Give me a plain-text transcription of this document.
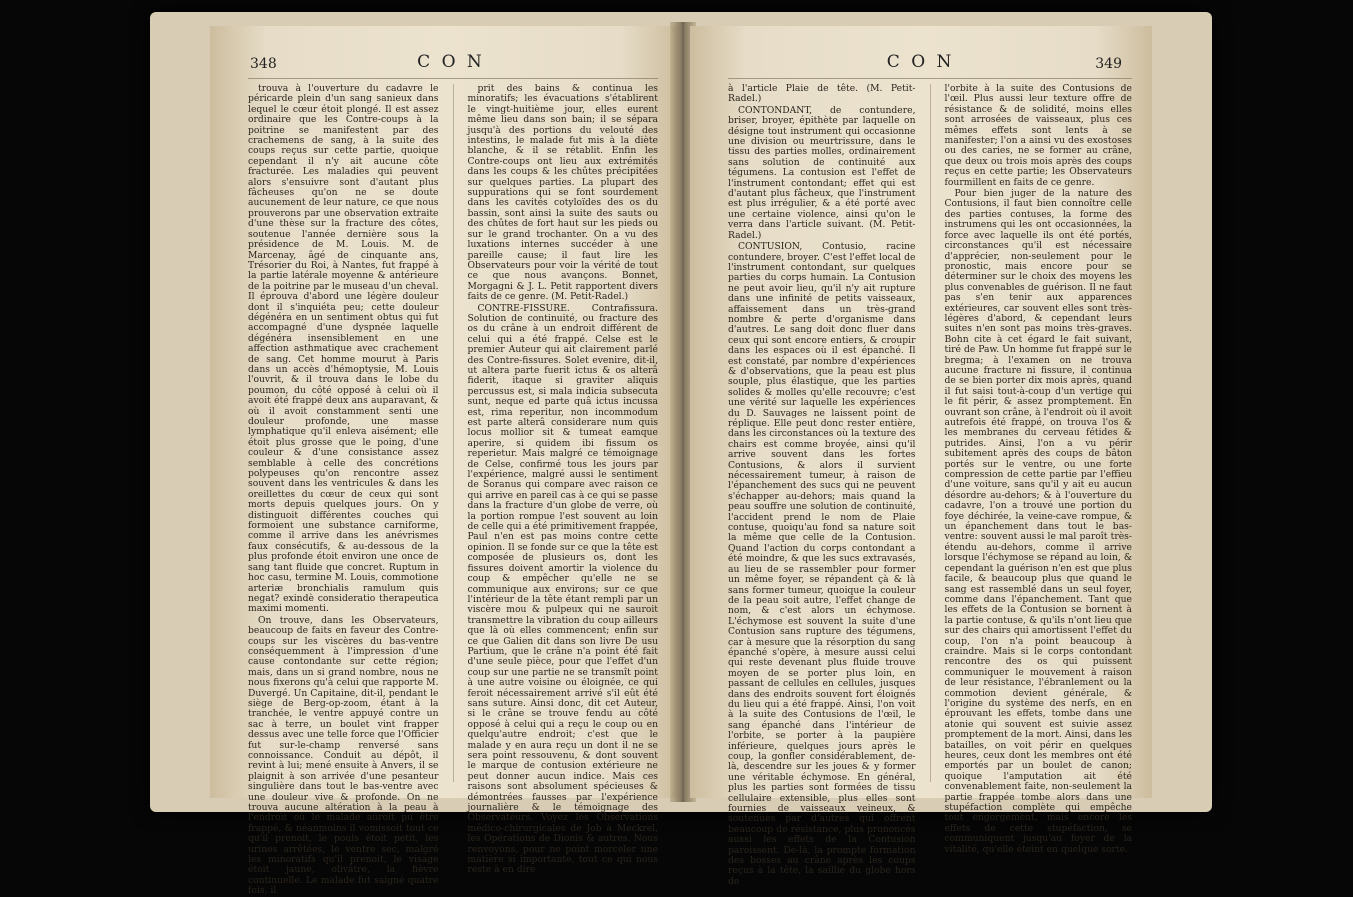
348	C O N

trouva à l'ouverture du cadavre le péricarde plein d'un sang sanieux dans lequel le cœur étoit plongé. Il est assez ordinaire que les Contre-coups à la poitrine se manifestent par des crachemens de sang, à la suite des coups reçus sur cette partie, quoique cependant il n'y ait aucune côte fracturée. Les maladies qui peuvent alors s'ensuivre sont d'autant plus fâcheuses qu'on ne se doute aucunement de leur nature, ce que nous prouverons par une observation extraite d'une thèse sur la fracture des côtes, soutenue l'année dernière sous la présidence de M. Louis. M. de Marcenay, âgé de cinquante ans, Trésorier du Roi, à Nantes, fut frappé à la partie latérale moyenne & antérieure de la poitrine par le museau d'un cheval. Il éprouva d'abord une légère douleur dont il s'inquiéta peu; cette douleur dégénéra en un sentiment obtus qui fut accompagné d'une dyspnée laquelle dégénéra insensiblement en une affection asthmatique avec crachement de sang. Cet homme mourut à Paris dans un accès d'hémoptysie, M. Louis l'ouvrit, & il trouva dans le lobe du poumon, du côté opposé à celui où il avoit été frappé deux ans auparavant, & où il avoit constamment senti une douleur profonde, une masse lymphatique qu'il enleva aisément; elle étoit plus grosse que le poing, d'une couleur & d'une consistance assez semblable à celle des concrétions polypeuses qu'on rencontre assez souvent dans les ventricules & dans les oreillettes du cœur de ceux qui sont morts depuis quelques jours. On y distinguoit différentes couches qui formoient une substance carniforme, comme il arrive dans les anévrismes faux consécutifs, & au-dessous de la plus profonde étoit environ une once de sang tant fluide que concret. Ruptum in hoc casu, termine M. Louis, commotione arteriæ bronchialis ramulum quis negat? exindè consideratio therapeutica maximi momenti.

On trouve, dans les Observateurs, beaucoup de faits en faveur des Contre-coups sur les viscères du bas-ventre conséquemment à l'impression d'une cause contondante sur cette région; mais, dans un si grand nombre, nous ne nous fixerons qu'à celui que rapporte M. Duvergé. Un Capitaine, dit-il, pendant le siège de Berg-op-zoom, étant à la tranchée, le ventre appuyé contre un sac à terre, un boulet vint frapper dessus avec une telle force que l'Officier fut sur-le-champ renversé sans connoissance. Conduit au dépôt, il revint à lui; mené ensuite à Anvers, il se plaignit à son arrivée d'une pesanteur singulière dans tout le bas-ventre avec une douleur vive & profonde. On ne trouva aucune altération à la peau à l'endroit où le malade auroit pu être frappé, & néanmoins il vomissoit tout ce qu'il prenoit, le pouls étoit petit, les urines arrêtées, le ventre sec, malgré les minoratifs qu'il prenoit, le visage étoit jaune, olivâtre, la fièvre continuelle. Le malade fut saigné quatre fois, il

prit des bains & continua les minoratifs; les évacuations s'établirent le vingt-huitième jour, elles eurent même lieu dans son bain; il se sépara jusqu'à des portions du velouté des intestins, le malade fut mis à la diète blanche, & il se rétablit. Enfin les Contre-coups ont lieu aux extrémités dans les coups & les chûtes précipitées sur quelques parties. La plupart des suppurations qui se font sourdement dans les cavités cotyloïdes des os du bassin, sont ainsi la suite des sauts ou des chûtes de fort haut sur les pieds ou sur le grand trochanter. On a vu des luxations internes succéder à une pareille cause; il faut lire les Observateurs pour voir la vérité de tout ce que nous avançons. Bonnet, Morgagni & J. L. Petit rapportent divers faits de ce genre. (M. Petit-Radel.)

CONTRE-FISSURE. Contrafissura. Solution de continuité, ou fracture des os du crâne à un endroit différent de celui qui a été frappé. Celse est le premier Auteur qui ait clairement parlé des Contre-fissures. Solet evenire, dit-il, ut altera parte fuerit ictus & os alterâ fiderit, itaque si graviter aliquis percussus est, si mala indicia subsecuta sunt, neque ed parte quâ ictus incussa est, rima reperitur, non incommodum est parte alterâ considerare num quis locus mollior sit & tumeat eamque aperire, si quidem ibi fissum os reperietur. Mais malgré ce témoignage de Celse, confirmé tous les jours par l'expérience, malgré aussi le sentiment de Soranus qui compare avec raison ce qui arrive en pareil cas à ce qui se passe dans la fracture d'un globe de verre, où la portion rompue l'est souvent au loin de celle qui a été primitivement frappée, Paul n'en est pas moins contre cette opinion. Il se fonde sur ce que la tête est composée de plusieurs os, dont les fissures doivent amortir la violence du coup & empêcher qu'elle ne se communique aux environs; sur ce que l'intérieur de la tête étant rempli par un viscère mou & pulpeux qui ne sauroit transmettre la vibration du coup ailleurs que là où elles commencent; enfin sur ce que Galien dit dans son livre De usu Partium, que le crâne n'a point été fait d'une seule pièce, pour que l'effet d'un coup sur une partie ne se transmît point à une autre voisine ou éloignée, ce qui feroit nécessairement arrivé s'il eût été sans suture. Ainsi donc, dit cet Auteur, si le crâne se trouve fendu au côté opposé à celui qui a reçu le coup ou en quelqu'autre endroit; c'est que le malade y en aura reçu un dont il ne se sera point ressouvenu, & dont souvent le marque de contusion extérieure ne peut donner aucun indice. Mais ces raisons sont absolument spécieuses & démontrées fausses par l'expérience journalière & le témoignage des Observateurs. Voyez les Observations médico-chirurgicales de Job à Meckrel, les Opérations de Dionis & autres. Nous renvoyons, pour ne point morceler une matière si importante, tout ce qui nous reste à en dire

C O N	349

à l'article Plaie de tête. (M. Petit-Radel.)

CONTONDANT, de contundere, briser, broyer, épithète par laquelle on désigne tout instrument qui occasionne une division ou meurtrissure, dans le tissu des parties molles, ordinairement sans solution de continuité aux tégumens. La contusion est l'effet de l'instrument contondant; effet qui est d'autant plus fâcheux, que l'instrument est plus irrégulier, & a été porté avec une certaine violence, ainsi qu'on le verra dans l'article suivant. (M. Petit-Radel.)

CONTUSION, Contusio, racine contundere, broyer. C'est l'effet local de l'instrument contondant, sur quelques parties du corps humain. La Contusion ne peut avoir lieu, qu'il n'y ait rupture dans une infinité de petits vaisseaux, affaissement dans un très-grand nombre & perte d'organisme dans d'autres. Le sang doit donc fluer dans ceux qui sont encore entiers, & croupir dans les espaces où il est épanché. Il est constaté, par nombre d'expériences & d'observations, que la peau est plus souple, plus élastique, que les parties solides & molles qu'elle recouvre; c'est une vérité sur laquelle les expériences du D. Sauvages ne laissent point de réplique. Elle peut donc rester entière, dans les circonstances où la texture des chairs est comme broyée, ainsi qu'il arrive souvent dans les fortes Contusions, & alors il survient nécessairement tumeur, à raison de l'épanchement des sucs qui ne peuvent s'échapper au-dehors; mais quand la peau souffre une solution de continuité, l'accident prend le nom de Plaie contuse, quoiqu'au fond sa nature soit la même que celle de la Contusion. Quand l'action du corps contondant a été moindre, & que les sucs extravasés, au lieu de se rassembler pour former un même foyer, se répandent çà & là sans former tumeur, quoique la couleur de la peau soit autre, l'effet change de nom, & c'est alors un échymose. L'échymose est souvent la suite d'une Contusion sans rupture des tégumens, car à mesure que la résorption du sang épanché s'opère, à mesure aussi celui qui reste devenant plus fluide trouve moyen de se porter plus loin, en passant de cellules en cellules, jusques dans des endroits souvent fort éloignés du lieu qui a été frappé. Ainsi, l'on voit à la suite des Contusions de l'œil, le sang épanché dans l'intérieur de l'orbite, se porter à la paupière inférieure, quelques jours après le coup, la gonfler considérablement, de-là, descendre sur les joues & y former une véritable échymose. En général, plus les parties sont formées de tissu cellulaire extensible, plus elles sont fournies de vaisseaux veineux, & soutenues par d'autres qui offrent beaucoup de résistance, plus prononcés aussi les effets de la Contusion paroissent. De-là, la prompte formation des bosses au crâne après les coups reçus à la tête, la saillie du globe hors de

l'orbite à la suite des Contusions de l'œil. Plus aussi leur texture offre de résistance & de solidité, moins elles sont arrosées de vaisseaux, plus ces mêmes effets sont lents à se manifester; l'on a ainsi vu des exostoses ou des caries, ne se former au crâne, que deux ou trois mois après des coups reçus en cette partie; les Observateurs fourmillent en faits de ce genre.

Pour bien juger de la nature des Contusions, il faut bien connoître celle des parties contuses, la forme des instrumens qui les ont occasionnées, la force avec laquelle ils ont été portés, circonstances qu'il est nécessaire d'apprécier, non-seulement pour le pronostic, mais encore pour se déterminer sur le choix des moyens les plus convenables de guérison. Il ne faut pas s'en tenir aux apparences extérieures, car souvent elles sont très-légères d'abord, & cependant leurs suites n'en sont pas moins très-graves. Bohn cite à cet égard le fait suivant, tiré de Paw. Un homme fut frappé sur le bregma; à l'examen on ne trouva aucune fracture ni fissure, il continua de se bien porter dix mois après, quand il fut saisi tout-à-coup d'un vertige qui le fit périr, & assez promptement. En ouvrant son crâne, à l'endroit où il avoit autrefois été frappé, on trouva l'os & les membranes du cerveau fétides & putrides. Ainsi, l'on a vu périr subitement après des coups de bâton portés sur le ventre, ou une forte compression de cette partie par l'effieu d'une voiture, sans qu'il y ait eu aucun désordre au-dehors; & à l'ouverture du cadavre, l'on a trouvé une portion du foye déchirée, la veine-cave rompue, & un épanchement dans tout le bas-ventre: souvent aussi le mal paroît très-étendu au-dehors, comme il arrive lorsque l'échymose se répand au loin, & cependant la guérison n'en est que plus facile, & beaucoup plus que quand le sang est rassemblé dans un seul foyer, comme dans l'épanchement. Tant que les effets de la Contusion se bornent à la partie contuse, & qu'ils n'ont lieu que sur des chairs qui amortissent l'effet du coup, l'on n'a point beaucoup à craindre. Mais si le corps contondant rencontre des os qui puissent communiquer le mouvement à raison de leur résistance, l'ébranlement ou la commotion devient générale, & l'origine du système des nerfs, en en éprouvant les effets, tombe dans une atonie qui souvent est suivie assez promptement de la mort. Ainsi, dans les batailles, on voit périr en quelques heures, ceux dont les membres ont été emportés par un boulet de canon; quoique l'amputation ait été convenablement faite, non-seulement la partie frappée tombe alors dans une stupéfaction complète qui empêche tout engorgement, mais encore les effets de cette stupéfaction, se communiquent jusqu'au foyer de la vitalité, qu'elle éteint en quelque sorte.
